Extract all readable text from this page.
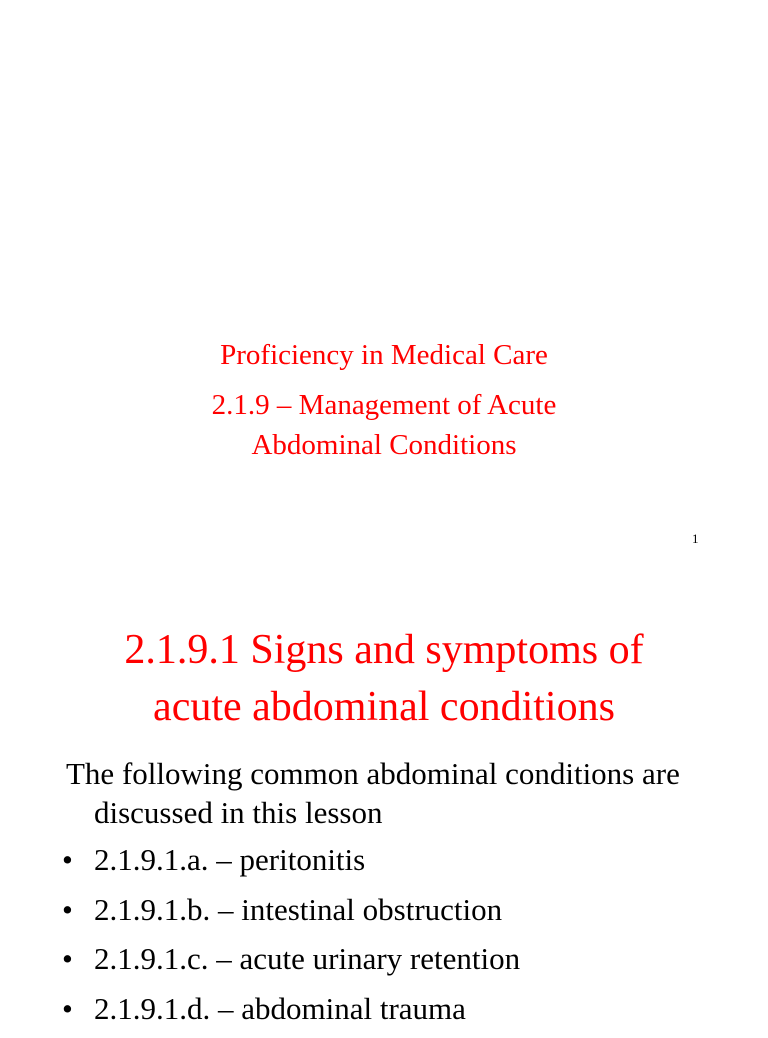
Proficiency in Medical Care
2.1.9 – Management of Acute
Abdominal Conditions
1
2.1.9.1 Signs and symptoms of
acute abdominal conditions
The following common abdominal conditions are discussed in this lesson
• 2.1.9.1.a. – peritonitis
• 2.1.9.1.b. – intestinal obstruction
• 2.1.9.1.c. – acute urinary retention
• 2.1.9.1.d. – abdominal trauma
